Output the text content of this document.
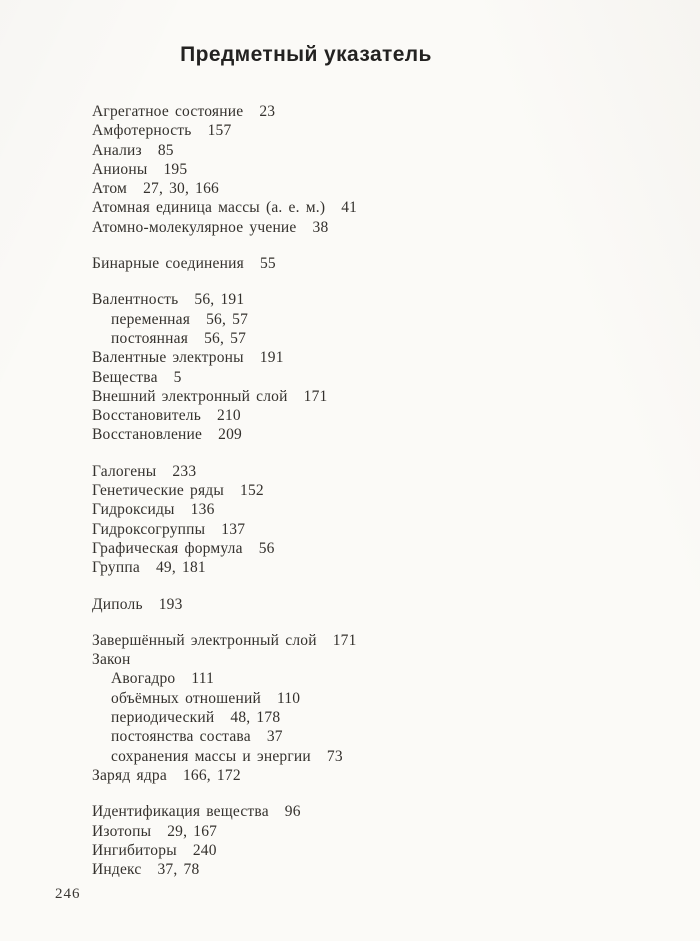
Предметный указатель
Агрегатное состояние 23
Амфотерность 157
Анализ 85
Анионы 195
Атом 27, 30, 166
Атомная единица массы (а. е. м.) 41
Атомно-молекулярное учение 38
Бинарные соединения 55
Валентность 56, 191
переменная 56, 57
постоянная 56, 57
Валентные электроны 191
Вещества 5
Внешний электронный слой 171
Восстановитель 210
Восстановление 209
Галогены 233
Генетические ряды 152
Гидроксиды 136
Гидроксогруппы 137
Графическая формула 56
Группа 49, 181
Диполь 193
Завершённый электронный слой 171
Закон
Авогадро 111
объёмных отношений 110
периодический 48, 178
постоянства состава 37
сохранения массы и энергии 73
Заряд ядра 166, 172
Идентификация вещества 96
Изотопы 29, 167
Ингибиторы 240
Индекс 37, 78
246
